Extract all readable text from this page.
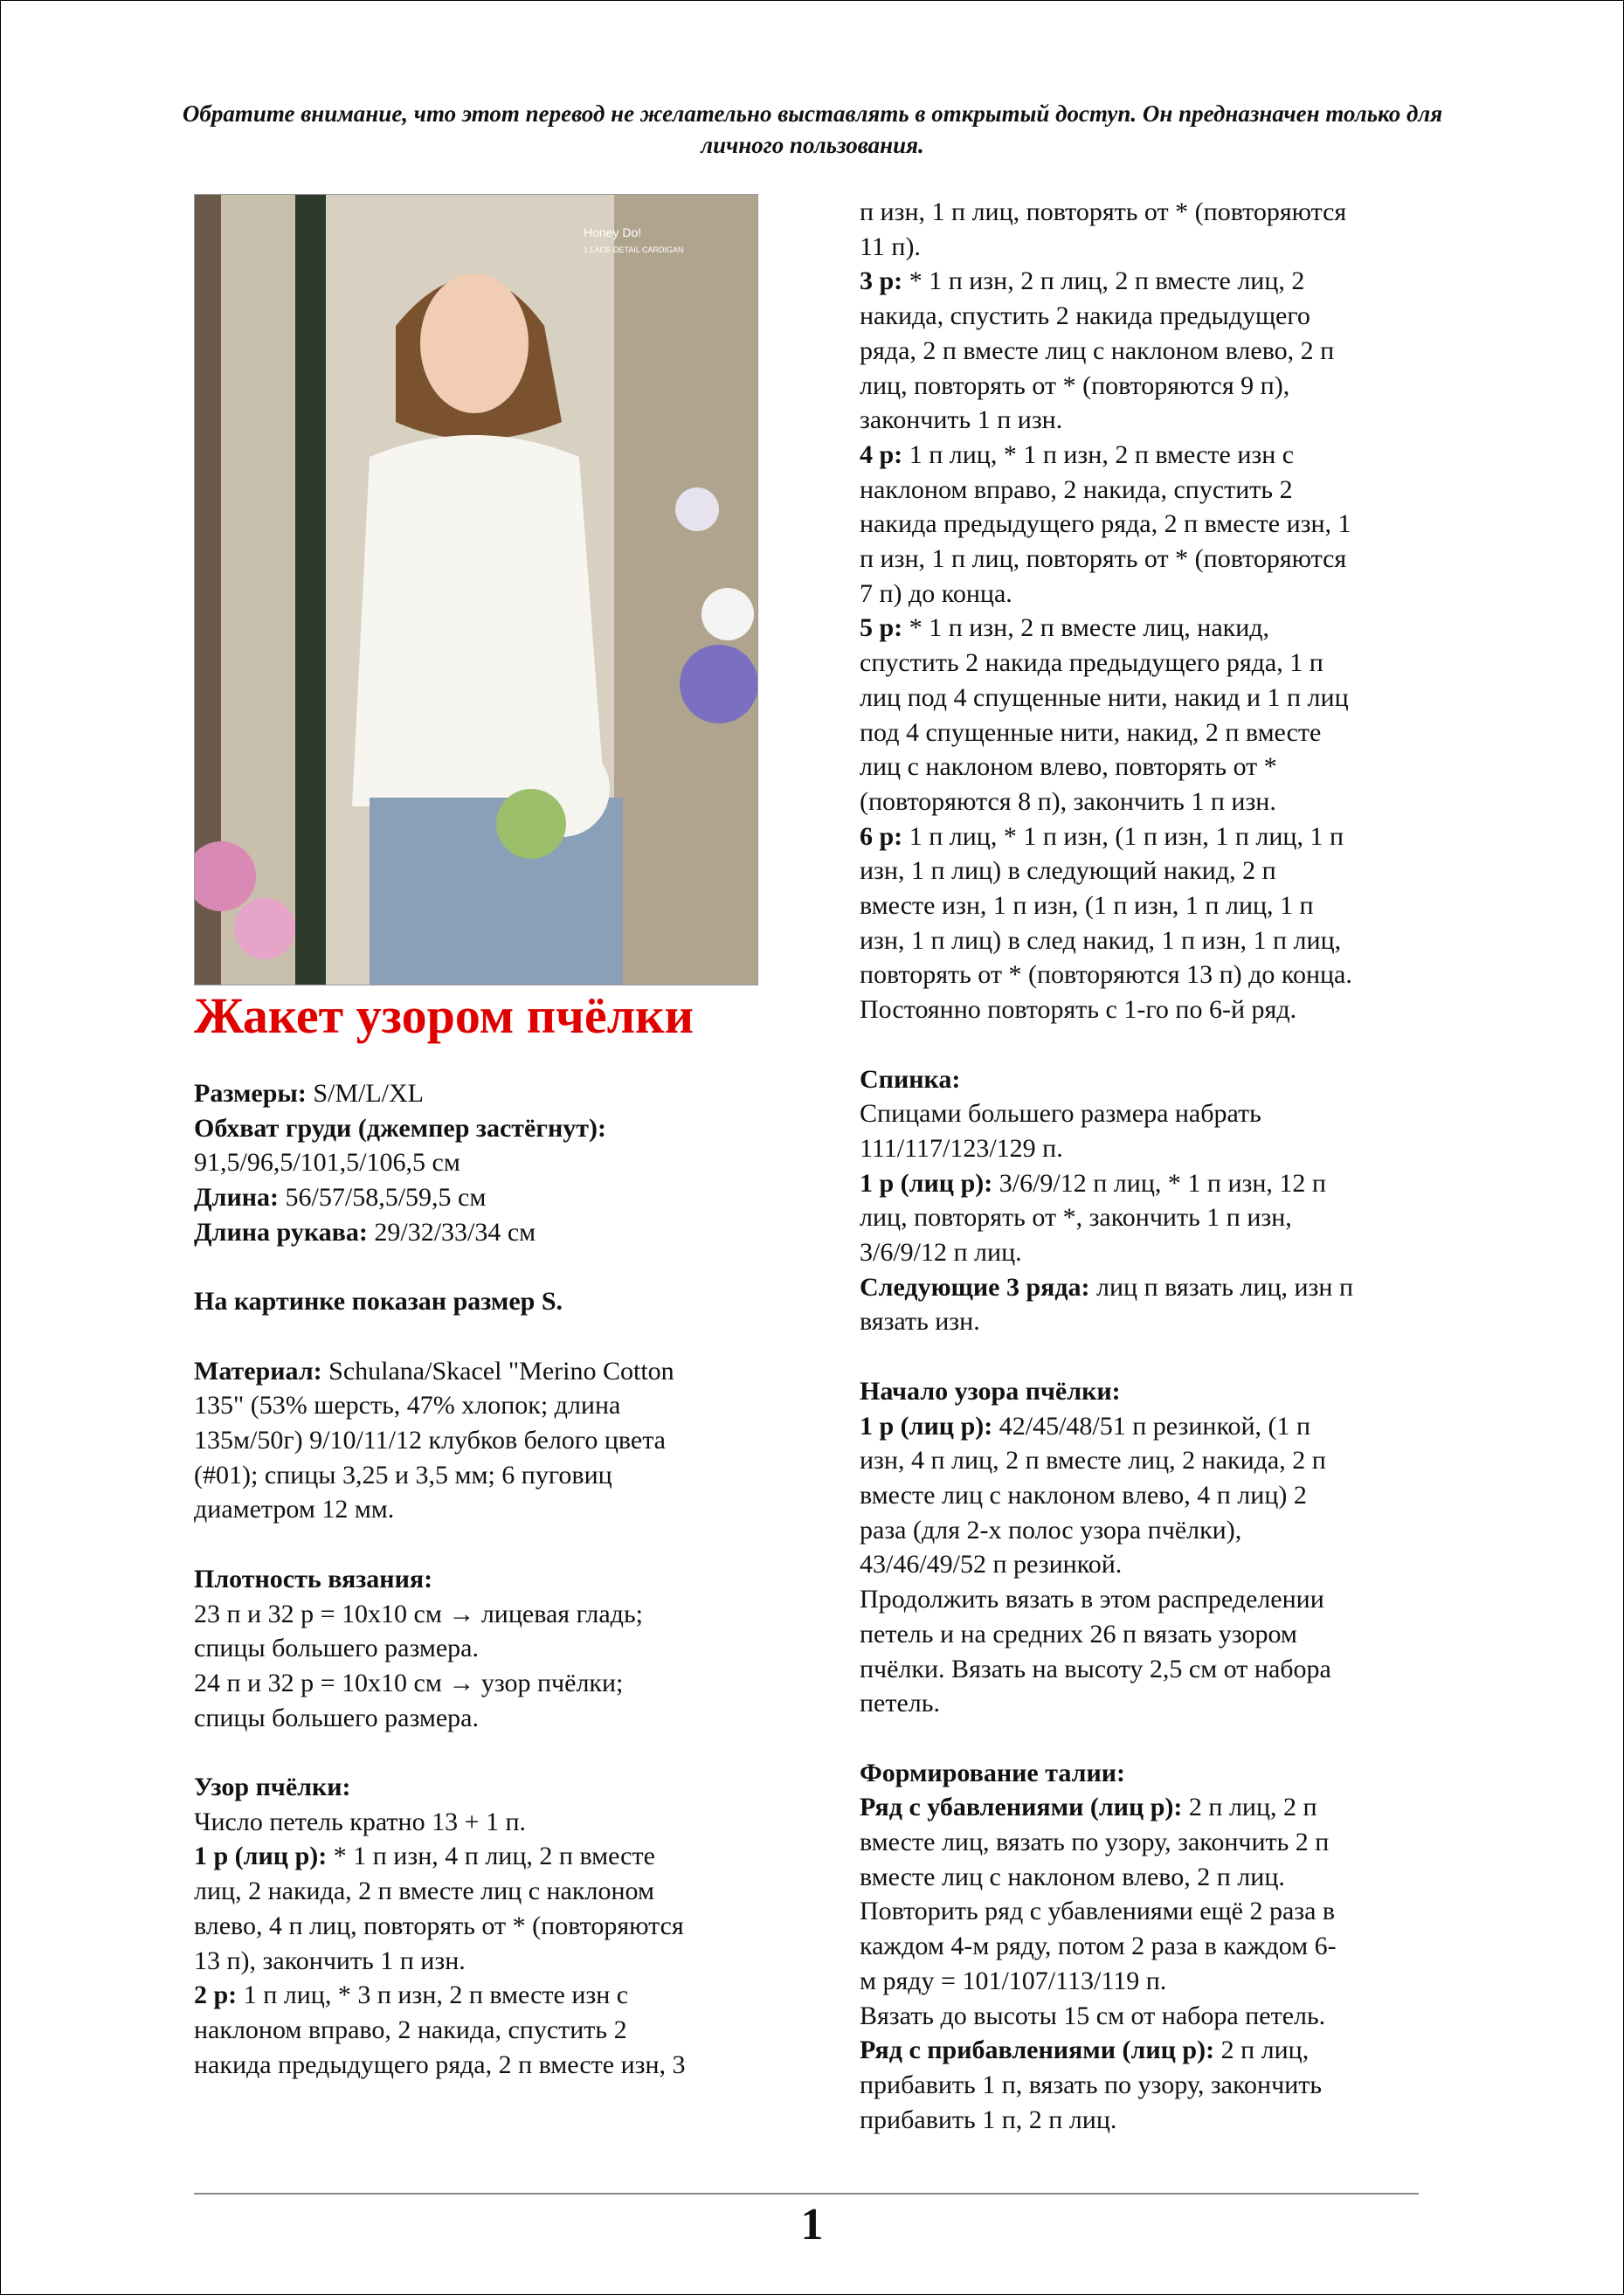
Обратите внимание, что этот перевод не желательно выставлять в открытый доступ. Он предназначен только для личного пользования.
Honey Do!
1 LACE-DETAIL CARDIGAN
Жакет узором пчёлки

Размеры: S/M/L/XL

Обхват груди (джемпер застёгнут):

91,5/96,5/101,5/106,5 см

Длина: 56/57/58,5/59,5 см

Длина рукава: 29/32/33/34 см

На картинке показан размер S.

Материал: Schulana/Skacel "Merino Cotton

135" (53% шерсть, 47% хлопок; длина

135м/50г) 9/10/11/12 клубков белого цвета

(#01); спицы 3,25 и 3,5 мм; 6 пуговиц

диаметром 12 мм.

Плотность вязания:

23 п и 32 р = 10х10 см → лицевая гладь;

спицы большего размера.

24 п и 32 р = 10х10 см → узор пчёлки;

спицы большего размера.

Узор пчёлки:

Число петель кратно 13 + 1 п.

1 р (лиц р): * 1 п изн, 4 п лиц, 2 п вместе

лиц, 2 накида, 2 п вместе лиц с наклоном

влево, 4 п лиц, повторять от * (повторяются

13 п), закончить 1 п изн.

2 р: 1 п лиц, * 3 п изн, 2 п вместе изн с

наклоном вправо, 2 накида, спустить 2

накида предыдущего ряда, 2 п вместе изн, 3

п изн, 1 п лиц, повторять от * (повторяются

11 п).

3 р: * 1 п изн, 2 п лиц, 2 п вместе лиц, 2

накида, спустить 2 накида предыдущего

ряда, 2 п вместе лиц с наклоном влево, 2 п

лиц, повторять от * (повторяются 9 п),

закончить 1 п изн.

4 р: 1 п лиц, * 1 п изн, 2 п вместе изн с

наклоном вправо, 2 накида, спустить 2

накида предыдущего ряда, 2 п вместе изн, 1

п изн, 1 п лиц, повторять от * (повторяются

7 п) до конца.

5 р: * 1 п изн, 2 п вместе лиц, накид,

спустить 2 накида предыдущего ряда, 1 п

лиц под 4 спущенные нити, накид и 1 п лиц

под 4 спущенные нити, накид, 2 п вместе

лиц с наклоном влево, повторять от *

(повторяются 8 п), закончить 1 п изн.

6 р: 1 п лиц, * 1 п изн, (1 п изн, 1 п лиц, 1 п

изн, 1 п лиц) в следующий накид, 2 п

вместе изн, 1 п изн, (1 п изн, 1 п лиц, 1 п

изн, 1 п лиц) в след накид, 1 п изн, 1 п лиц,

повторять от * (повторяются 13 п) до конца.

Постоянно повторять с 1-го по 6-й ряд.

Спинка:

Спицами большего размера набрать

111/117/123/129 п.

1 р (лиц р): 3/6/9/12 п лиц, * 1 п изн, 12 п

лиц, повторять от *, закончить 1 п изн,

3/6/9/12 п лиц.

Следующие 3 ряда: лиц п вязать лиц, изн п

вязать изн.

Начало узора пчёлки:

1 р (лиц р): 42/45/48/51 п резинкой, (1 п

изн, 4 п лиц, 2 п вместе лиц, 2 накида, 2 п

вместе лиц с наклоном влево, 4 п лиц) 2

раза (для 2-х полос узора пчёлки),

43/46/49/52 п резинкой.

Продолжить вязать в этом распределении

петель и на средних 26 п вязать узором

пчёлки. Вязать на высоту 2,5 см от набора

петель.

Формирование талии:

Ряд с убавлениями (лиц р): 2 п лиц, 2 п

вместе лиц, вязать по узору, закончить 2 п

вместе лиц с наклоном влево, 2 п лиц.

Повторить ряд с убавлениями ещё 2 раза в

каждом 4-м ряду, потом 2 раза в каждом 6-

м ряду = 101/107/113/119 п.

Вязать до высоты 15 см от набора петель.

Ряд с прибавлениями (лиц р): 2 п лиц,

прибавить 1 п, вязать по узору, закончить

прибавить 1 п, 2 п лиц.

1
